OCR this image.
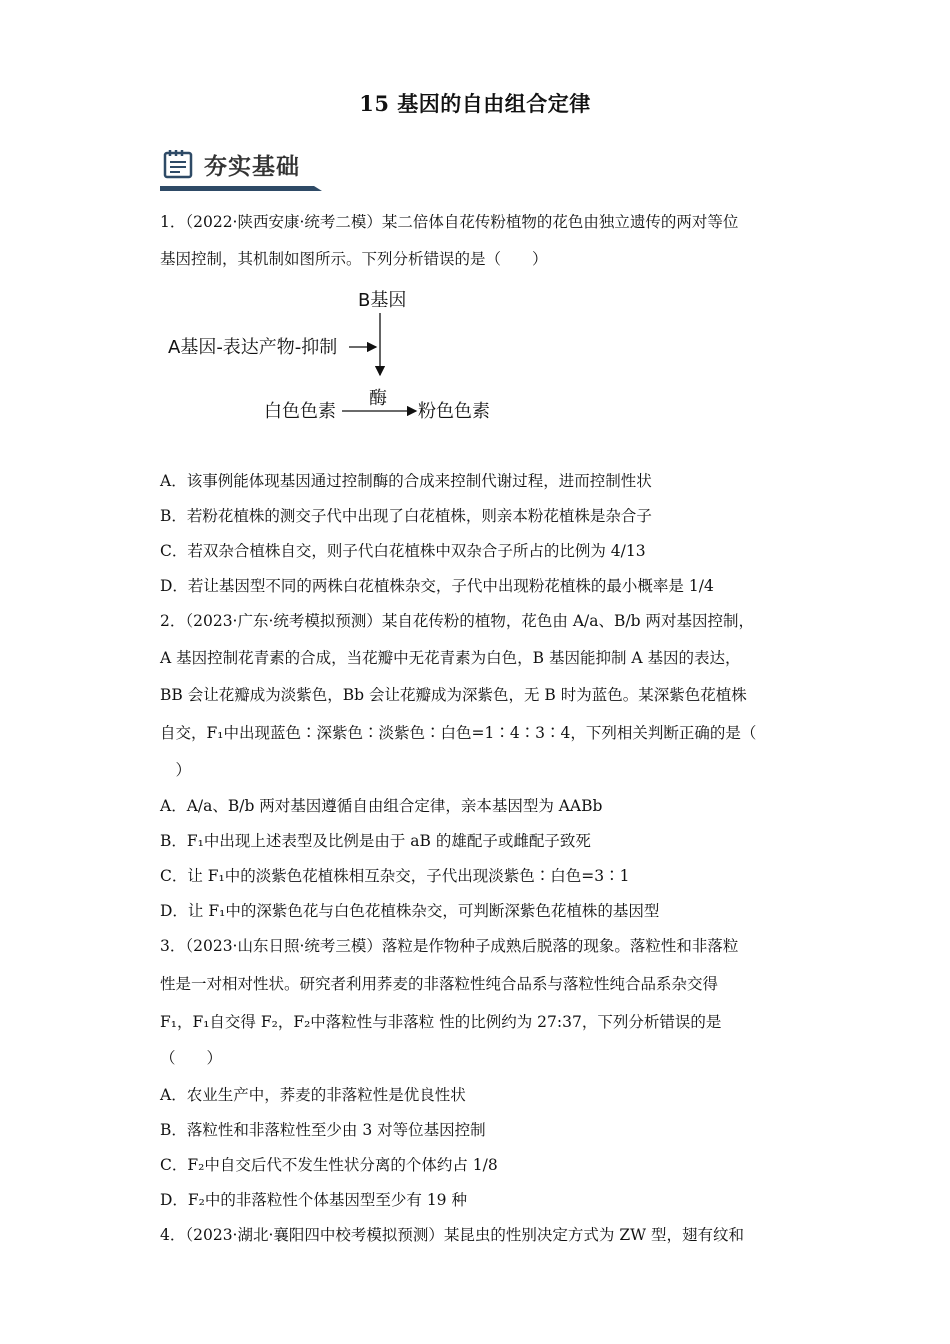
15 基因的自由组合定律
夯实基础
1．（2022·陕西安康·统考二模）某二倍体自花传粉植物的花色由独立遗传的两对等位
基因控制，其机制如图所示。下列分析错误的是（　　）
B基因
A基因-表达产物-抑制
酶
白色色素	粉色色素
A．该事例能体现基因通过控制酶的合成来控制代谢过程，进而控制性状
B．若粉花植株的测交子代中出现了白花植株，则亲本粉花植株是杂合子
C．若双杂合植株自交，则子代白花植株中双杂合子所占的比例为 4/13
D．若让基因型不同的两株白花植株杂交，子代中出现粉花植株的最小概率是 1/4
2．（2023·广东·统考模拟预测）某自花传粉的植物，花色由 A/a、B/b 两对基因控制，
A 基因控制花青素的合成，当花瓣中无花青素为白色，B 基因能抑制 A 基因的表达，
BB 会让花瓣成为淡紫色，Bb 会让花瓣成为深紫色，无 B 时为蓝色。某深紫色花植株
自交，F₁中出现蓝色∶深紫色∶淡紫色∶白色=1∶4∶3∶4，下列相关判断正确的是（
　）
A．A/a、B/b 两对基因遵循自由组合定律，亲本基因型为 AABb
B．F₁中出现上述表型及比例是由于 aB 的雄配子或雌配子致死
C．让 F₁中的淡紫色花植株相互杂交，子代出现淡紫色∶白色=3∶1
D．让 F₁中的深紫色花与白色花植株杂交，可判断深紫色花植株的基因型
3．（2023·山东日照·统考三模）落粒是作物种子成熟后脱落的现象。落粒性和非落粒
性是一对相对性状。研究者利用荞麦的非落粒性纯合品系与落粒性纯合品系杂交得
F₁，F₁自交得 F₂，F₂中落粒性与非落粒 性的比例约为 27:37，下列分析错误的是
（　　）
A．农业生产中，荞麦的非落粒性是优良性状
B．落粒性和非落粒性至少由 3 对等位基因控制
C．F₂中自交后代不发生性状分离的个体约占 1/8
D．F₂中的非落粒性个体基因型至少有 19 种
4．（2023·湖北·襄阳四中校考模拟预测）某昆虫的性别决定方式为 ZW 型，翅有纹和
